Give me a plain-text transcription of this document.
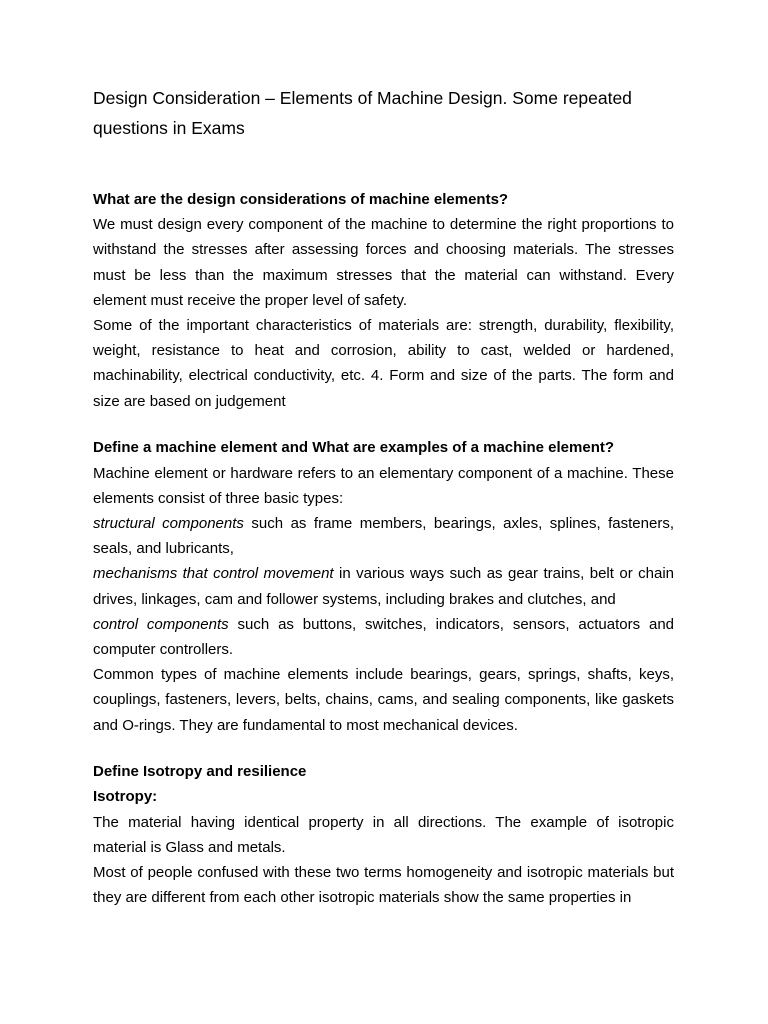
Design Consideration – Elements of Machine Design. Some repeated questions in Exams
What are the design considerations of machine elements?

We must design every component of the machine to determine the right proportions to withstand the stresses after assessing forces and choosing materials. The stresses must be less than the maximum stresses that the material can withstand. Every element must receive the proper level of safety.

Some of the important characteristics of materials are: strength, durability, flexibility, weight, resistance to heat and corrosion, ability to cast, welded or hardened, machinability, electrical conductivity, etc. 4. Form and size of the parts. The form and size are based on judgement

Define a machine element and What are examples of a machine element?

Machine element or hardware refers to an elementary component of a machine. These elements consist of three basic types:

structural components such as frame members, bearings, axles, splines, fasteners, seals, and lubricants,

mechanisms that control movement in various ways such as gear trains, belt or chain drives, linkages, cam and follower systems, including brakes and clutches, and

control components such as buttons, switches, indicators, sensors, actuators and computer controllers.

Common types of machine elements include bearings, gears, springs, shafts, keys, couplings, fasteners, levers, belts, chains, cams, and sealing components, like gaskets and O-rings. They are fundamental to most mechanical devices.

Define Isotropy and resilience
Isotropy:

The material having identical property in all directions. The example of isotropic material is Glass and metals.

Most of people confused with these two terms homogeneity and isotropic materials but they are different from each other isotropic materials show the same properties in
